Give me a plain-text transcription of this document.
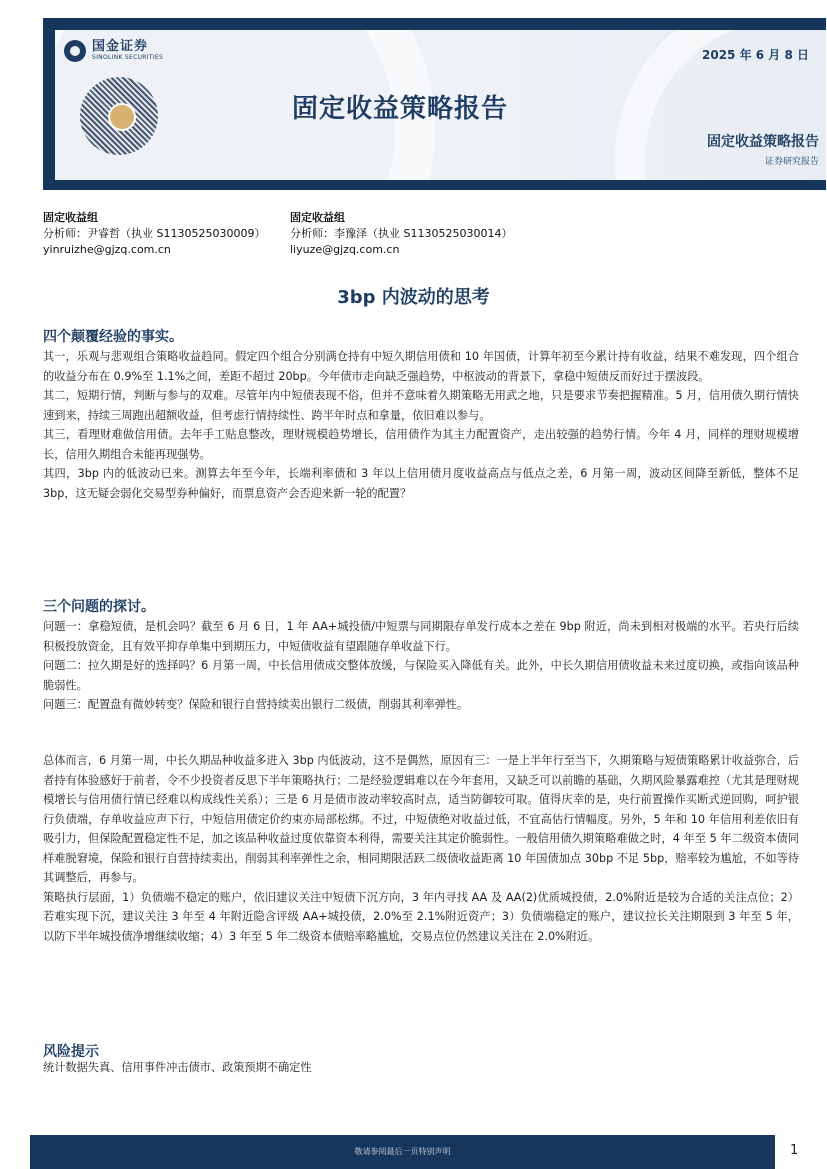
国金证券
SINOLINK SECURITIES	2025 年 6 月 8 日
固定收益策略报告
固定收益策略报告
证券研究报告
固定收益组
分析师：尹睿哲（执业 S1130525030009）
yinruizhe@gjzq.com.cn
固定收益组
分析师：李豫泽（执业 S1130525030014）
liyuze@gjzq.com.cn
3bp 内波动的思考
四个颠覆经验的事实。

其一，乐观与悲观组合策略收益趋同。假定四个组合分别满仓持有中短久期信用债和 10 年国债，计算年初至今累计持有收益，结果不难发现，四个组合的收益分布在 0.9%至 1.1%之间，差距不超过 20bp。今年债市走向缺乏强趋势，中枢波动的背景下，拿稳中短债反而好过于摆波段。

其二，短期行情，判断与参与的双难。尽管年内中短债表现不俗，但并不意味着久期策略无用武之地，只是要求节奏把握精准。5 月，信用债久期行情快速到来，持续三周跑出超额收益，但考虑行情持续性、跨半年时点和拿量，依旧难以参与。

其三，看理财难做信用债。去年手工贴息整改，理财规模趋势增长，信用债作为其主力配置资产，走出较强的趋势行情。今年 4 月，同样的理财规模增长，信用久期组合未能再现强势。

其四，3bp 内的低波动已来。测算去年至今年，长端利率债和 3 年以上信用债月度收益高点与低点之差，6 月第一周，波动区间降至新低，整体不足 3bp，这无疑会弱化交易型券种偏好，而票息资产会否迎来新一轮的配置？

三个问题的探讨。

问题一：拿稳短债，是机会吗？截至 6 月 6 日，1 年 AA+城投债/中短票与同期限存单发行成本之差在 9bp 附近，尚未到相对极端的水平。若央行后续积极投放资金，且有效平抑存单集中到期压力，中短债收益有望跟随存单收益下行。

问题二：拉久期是好的选择吗？6 月第一周，中长信用债成交整体放缓，与保险买入降低有关。此外，中长久期信用债收益未来过度切换，或指向该品种脆弱性。

问题三：配置盘有微妙转变？保险和银行自营持续卖出银行二级债，削弱其利率弹性。

总体而言，6 月第一周，中长久期品种收益多进入 3bp 内低波动，这不是偶然，原因有三：一是上半年行至当下，久期策略与短债策略累计收益弥合，后者持有体验感好于前者，令不少投资者反思下半年策略执行；二是经验逻辑难以在今年套用，又缺乏可以前瞻的基础，久期风险暴露难控（尤其是理财规模增长与信用债行情已经难以构成线性关系）；三是 6 月是债市波动率较高时点，适当防御较可取。值得庆幸的是，央行前置操作买断式逆回购，呵护银行负债端，存单收益应声下行，中短信用债定价约束亦局部松绑。不过，中短债绝对收益过低，不宜高估行情幅度。另外，5 年和 10 年信用利差依旧有吸引力，但保险配置稳定性不足，加之该品种收益过度依靠资本利得，需要关注其定价脆弱性。一般信用债久期策略难做之时，4 年至 5 年二级资本债同样难脱窘境，保险和银行自营持续卖出，削弱其利率弹性之余，相同期限活跃二级债收益距离 10 年国债加点 30bp 不足 5bp，赔率较为尴尬，不如等待其调整后，再参与。

策略执行层面，1）负债端不稳定的账户，依旧建议关注中短债下沉方向，3 年内寻找 AA 及 AA(2)优质城投债，2.0%附近是较为合适的关注点位；2）若难实现下沉，建议关注 3 年至 4 年附近隐含评级 AA+城投债，2.0%至 2.1%附近资产；3）负债端稳定的账户，建议拉长关注期限到 3 年至 5 年，以防下半年城投债净增继续收缩；4）3 年至 5 年二级资本债赔率略尴尬，交易点位仍然建议关注在 2.0%附近。

风险提示

统计数据失真、信用事件冲击债市、政策预期不确定性

敬请参阅最后一页特别声明	1
